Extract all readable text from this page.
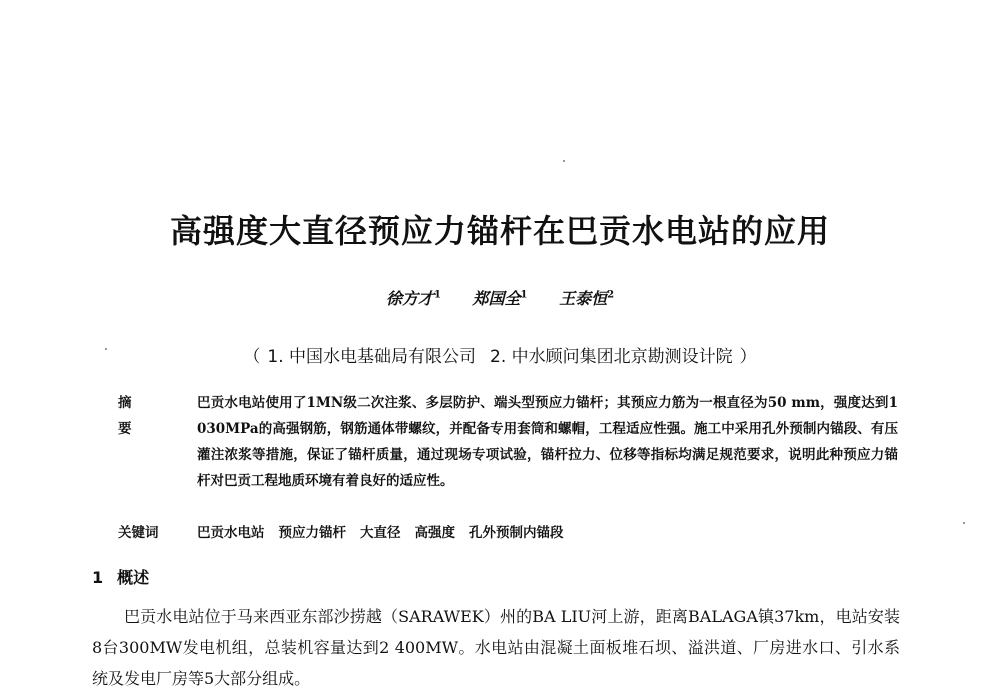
高强度大直径预应力锚杆在巴贡水电站的应用
徐方才$^1$ 郑国全$^1$ 王泰恒$^2$
（ 1. 中国水电基础局有限公司 2. 中水顾问集团北京勘测设计院 ）
摘要
巴贡水电站使用了1MN级二次注浆、多层防护、端头型预应力锚杆；其预应力筋为一根直径为50 mm，强度达到1 030MPa的高强钢筋，钢筋通体带螺纹，并配备专用套筒和螺帽，工程适应性强。施工中采用孔外预制内锚段、有压灌注浓浆等措施，保证了锚杆质量，通过现场专项试验，锚杆拉力、位移等指标均满足规范要求，说明此种预应力锚杆对巴贡工程地质环境有着良好的适应性。
关键词	巴贡水电站 预应力锚杆 大直径 高强度 孔外预制内锚段
1 概述
巴贡水电站位于马来西亚东部沙捞越（SARAWEK）州的BA LIU河上游，距离BALAGA镇37km，电站安装8台300MW发电机组，总装机容量达到2 400MW。水电站由混凝土面板堆石坝、溢洪道、厂房进水口、引水系统及发电厂房等5大部分组成。
